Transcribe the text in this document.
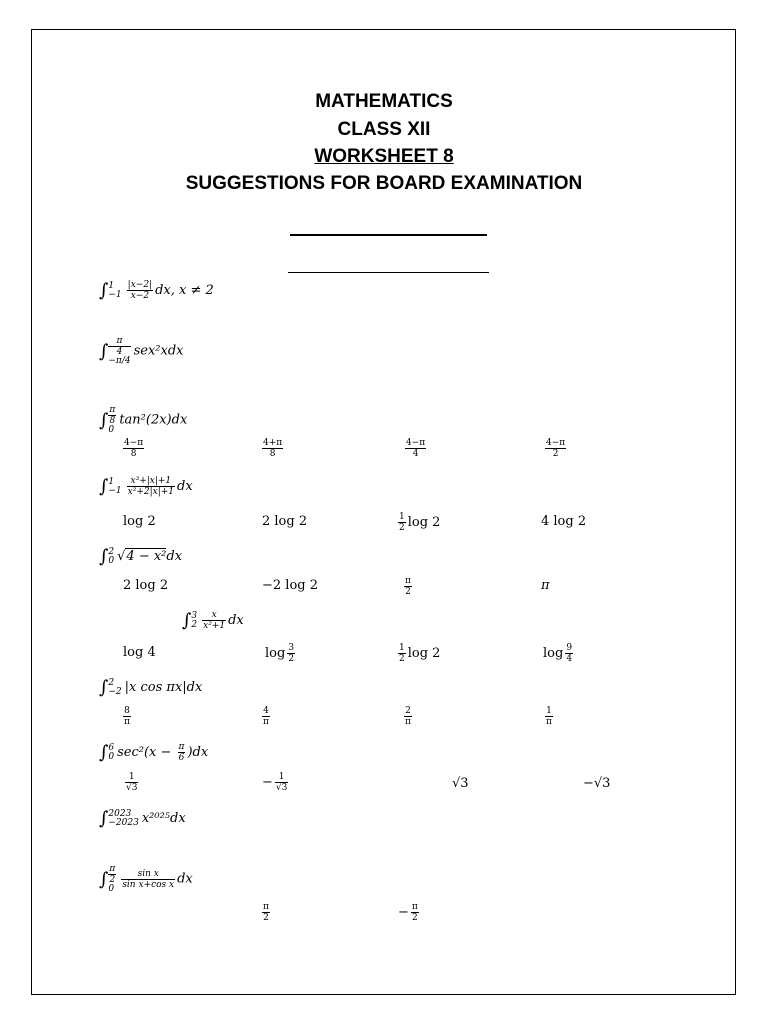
MATHEMATICS
CLASS XII
WORKSHEET 8
SUGGESTIONS FOR BOARD EXAMINATION
∫ 1
$-1 \frac{|x-2|}{x-2}$ dx, x ≠ 2
∫ π
4
−π/4
sex²xdx
∫ π
8
0
tan²(2x)dx
$\frac{4-\pi}{8}$	$\frac{4+\pi}{8}$	$\frac{4-\pi}{4}$	$\frac{4-\pi}{2}$
∫ 1
$-1 \frac{\text{x³+|x|+1}}{\text{x²+2|x|+1}}$ dx
log 2	2 log 2	$\frac{1}{2}$ log 2	4 log 2
∫ 2
0 √4 − x²dx
2 log 2	−2 log 2	$\frac{\pi}{2}$	π
∫ 3
$2 \frac{x}{\text{x²+1}}$ dx
log 4	$\log \frac{3}{2}$	$\frac{1}{2}$ log 2	$\log \frac{9}{4}$
∫ 2
−2 |x cos πx|dx
$\frac{8}{\pi}$	$\frac{4}{\pi}$	$\frac{2}{\pi}$	$\frac{1}{\pi}$
∫ 6
0 $\sec^2(x - \frac{\pi}{6} )dx$
$\frac{1}{√3}$	− $\frac{1}{√3}$	√3	−√3
∫ 2023
−2023 x²⁰²⁵dx
∫ π
2
$0 \frac{\text{sin x}}{\text{sin x+cos x}}$ dx
$\frac{\pi}{2}$	− $\frac{\pi}{2}$
